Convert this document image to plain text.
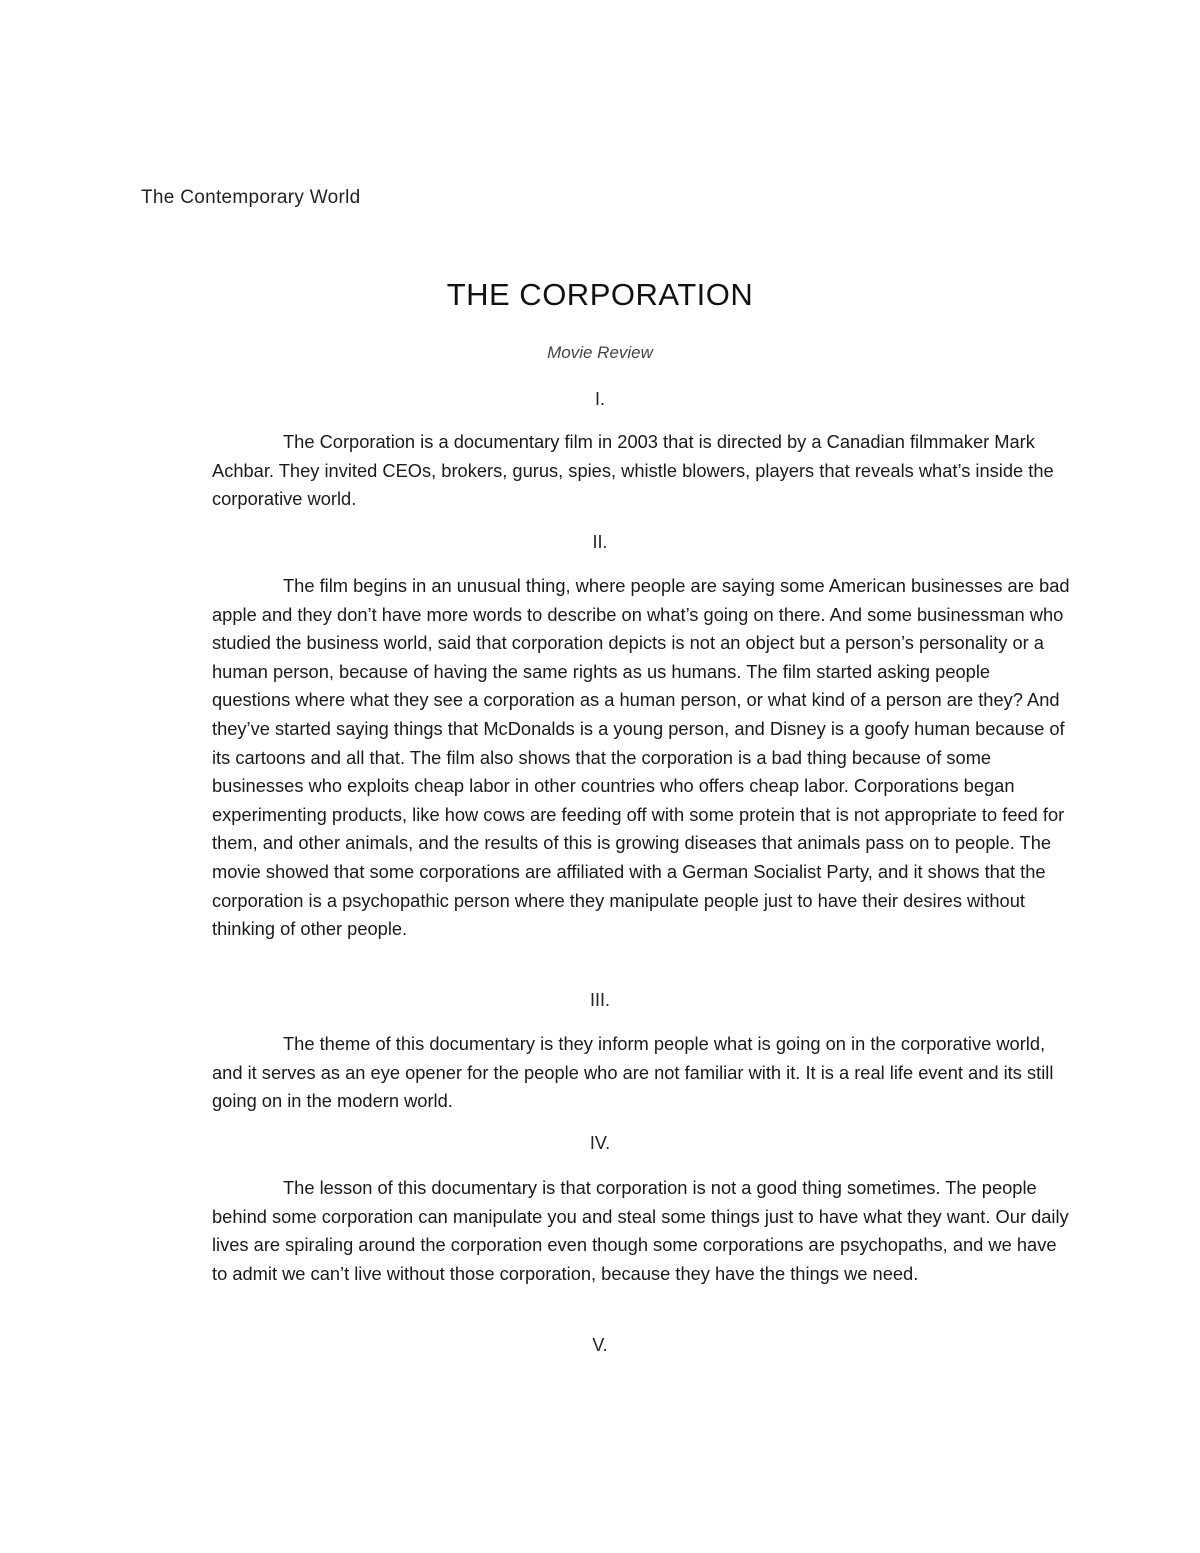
The Contemporary World
THE CORPORATION
Movie Review
I.
The Corporation is a documentary film in 2003 that is directed by a Canadian filmmaker Mark Achbar. They invited CEOs, brokers, gurus, spies, whistle blowers, players that reveals what’s inside the corporative world.
II.
The film begins in an unusual thing, where people are saying some American businesses are bad apple and they don’t have more words to describe on what’s going on there. And some businessman who studied the business world, said that corporation depicts is not an object but a person’s personality or a human person, because of having the same rights as us humans. The film started asking people questions where what they see a corporation as a human person, or what kind of a person are they? And they’ve started saying things that McDonalds is a young person, and Disney is a goofy human because of its cartoons and all that. The film also shows that the corporation is a bad thing because of some businesses who exploits cheap labor in other countries who offers cheap labor. Corporations began experimenting products, like how cows are feeding off with some protein that is not appropriate to feed for them, and other animals, and the results of this is growing diseases that animals pass on to people. The movie showed that some corporations are affiliated with a German Socialist Party, and it shows that the corporation is a psychopathic person where they manipulate people just to have their desires without thinking of other people.
III.
The theme of this documentary is they inform people what is going on in the corporative world, and it serves as an eye opener for the people who are not familiar with it. It is a real life event and its still going on in the modern world.
IV.
The lesson of this documentary is that corporation is not a good thing sometimes. The people behind some corporation can manipulate you and steal some things just to have what they want. Our daily lives are spiraling around the corporation even though some corporations are psychopaths, and we have to admit we can’t live without those corporation, because they have the things we need.
V.
